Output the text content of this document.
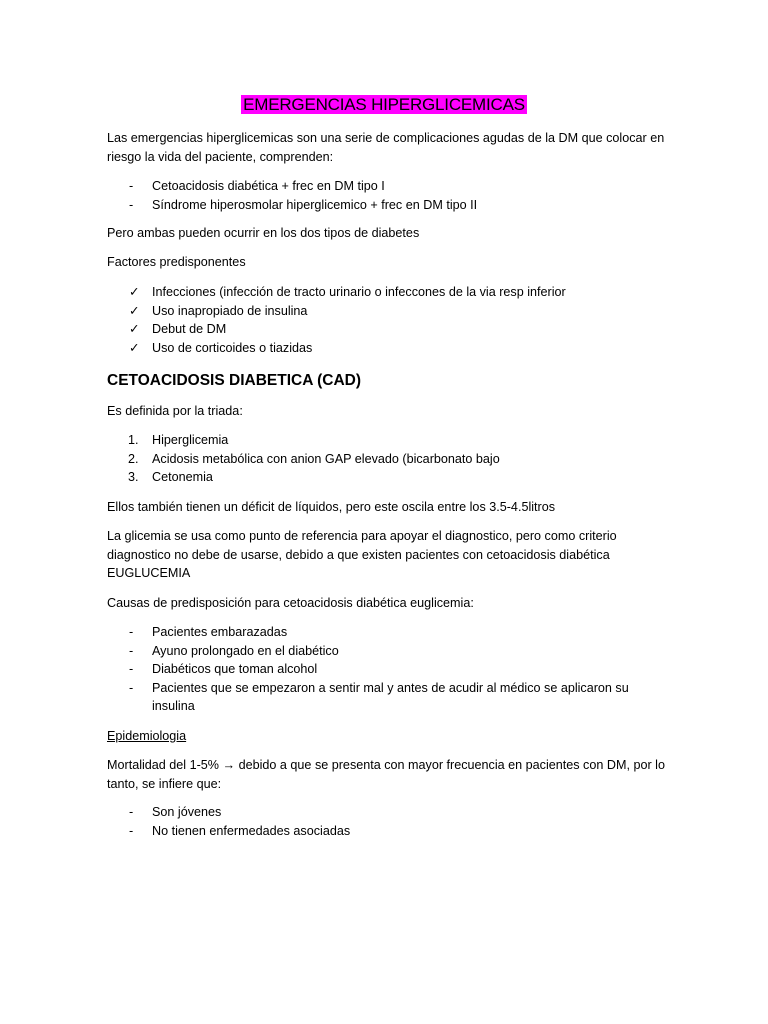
EMERGENCIAS HIPERGLICEMICAS

Las emergencias hiperglicemicas son una serie de complicaciones agudas de la DM que colocar en riesgo la vida del paciente, comprenden:

- Cetoacidosis diabética + frec en DM tipo I
- Síndrome hiperosmolar hiperglicemico + frec en DM tipo II

Pero ambas pueden ocurrir en los dos tipos de diabetes

Factores predisponentes

✓ Infecciones (infección de tracto urinario o infeccones de la via resp inferior
✓ Uso inapropiado de insulina
✓ Debut de DM
✓ Uso de corticoides o tiazidas

CETOACIDOSIS DIABETICA (CAD)

Es definida por la triada:

1. Hiperglicemia
2. Acidosis metabólica con anion GAP elevado (bicarbonato bajo
3. Cetonemia

Ellos también tienen un déficit de líquidos, pero este oscila entre los 3.5-4.5litros

La glicemia se usa como punto de referencia para apoyar el diagnostico, pero como criterio diagnostico no debe de usarse, debido a que existen pacientes con cetoacidosis diabética EUGLUCEMIA

Causas de predisposición para cetoacidosis diabética euglicemia:

- Pacientes embarazadas
- Ayuno prolongado en el diabético
- Diabéticos que toman alcohol
- Pacientes que se empezaron a sentir mal y antes de acudir al médico se aplicaron su insulina

Epidemiologia

Mortalidad del 1-5% → debido a que se presenta con mayor frecuencia en pacientes con DM, por lo tanto, se infiere que:

- Son jóvenes
- No tienen enfermedades asociadas
